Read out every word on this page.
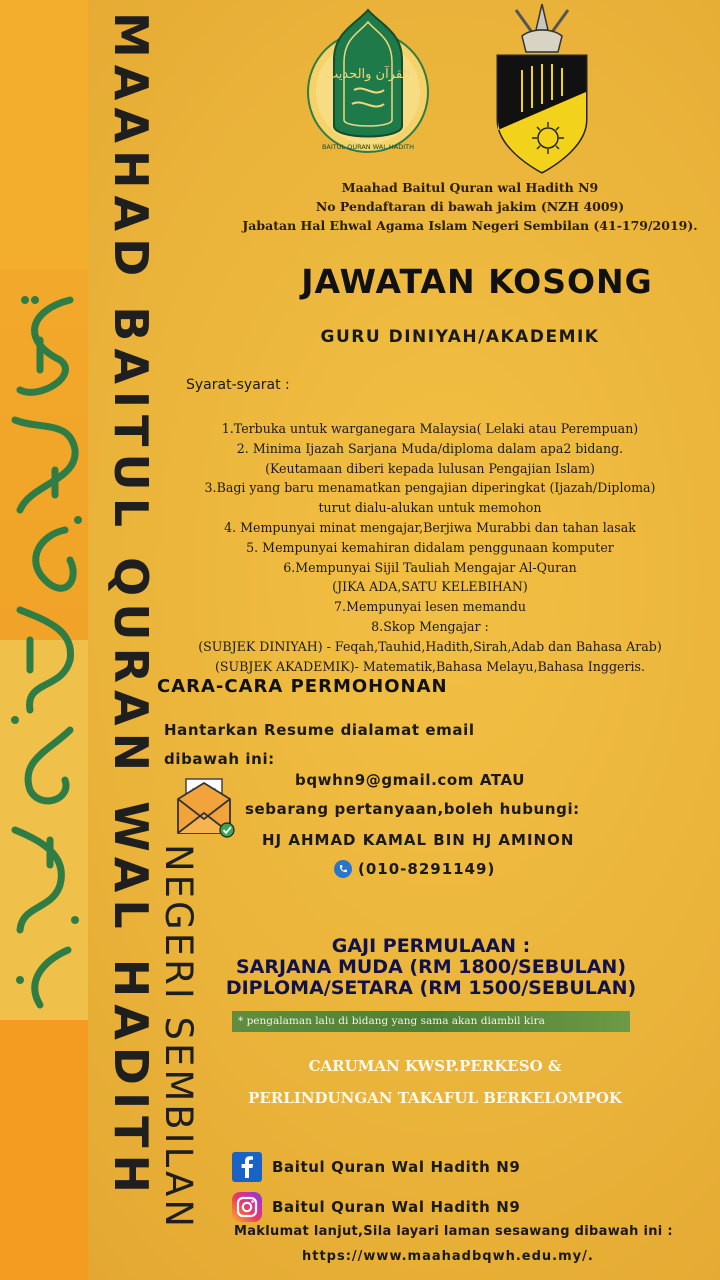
MAAHAD BAITUL QURAN WAL HADITH NEGERI SEMBILAN
القرآن والحديث
BAITUL QURAN WAL HADITH
Maahad Baitul Quran wal Hadith N9
No Pendaftaran di bawah jakim (NZH 4009)
Jabatan Hal Ehwal Agama Islam Negeri Sembilan (41-179/2019).
JAWATAN KOSONG
GURU DINIYAH/AKADEMIK
Syarat-syarat :
1.Terbuka untuk warganegara Malaysia( Lelaki atau Perempuan)
2. Minima Ijazah Sarjana Muda/diploma dalam apa2 bidang.
(Keutamaan diberi kepada lulusan Pengajian Islam)
3.Bagi yang baru menamatkan pengajian diperingkat (Ijazah/Diploma)
turut dialu-alukan untuk memohon
4. Mempunyai minat mengajar,Berjiwa Murabbi dan tahan lasak
5. Mempunyai kemahiran didalam penggunaan komputer
6.Mempunyai Sijil Tauliah Mengajar Al-Quran
(JIKA ADA,SATU KELEBIHAN)
7.Mempunyai lesen memandu
8.Skop Mengajar :
(SUBJEK DINIYAH) - Feqah,Tauhid,Hadith,Sirah,Adab dan Bahasa Arab)
(SUBJEK AKADEMIK)- Matematik,Bahasa Melayu,Bahasa Inggeris.
CARA-CARA PERMOHONAN
Hantarkan Resume dialamat email
dibawah ini:
bqwhn9@gmail.com ATAU
sebarang pertanyaan,boleh hubungi:
HJ AHMAD KAMAL BIN HJ AMINON
(010-8291149)
GAJI PERMULAAN :
SARJANA MUDA (RM 1800/SEBULAN)
DIPLOMA/SETARA (RM 1500/SEBULAN)
* pengalaman lalu di bidang yang sama akan diambil kira
CARUMAN KWSP.PERKESO &
PERLINDUNGAN TAKAFUL BERKELOMPOK
Baitul Quran Wal Hadith N9
Baitul Quran Wal Hadith N9
Maklumat lanjut,Sila layari laman sesawang dibawah ini :
https://www.maahadbqwh.edu.my/.
